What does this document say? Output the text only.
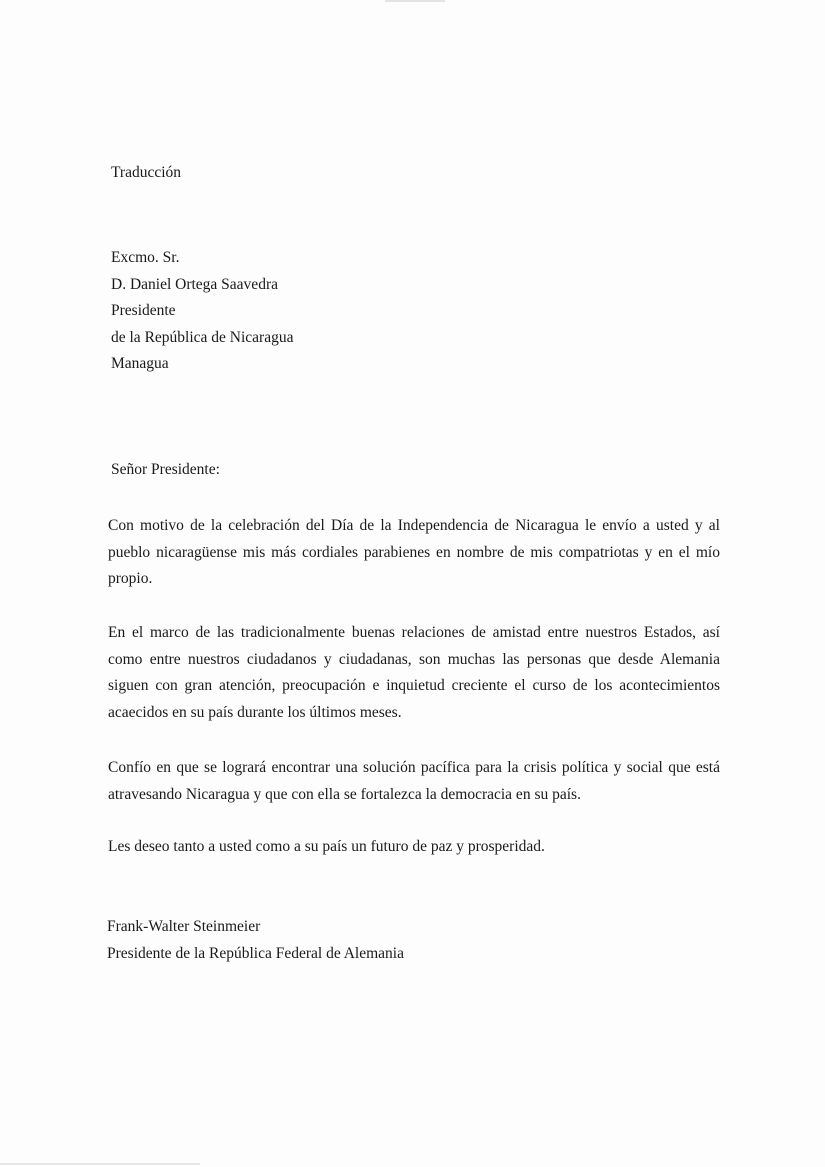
Traducción
Excmo. Sr.
D. Daniel Ortega Saavedra
Presidente
de la República de Nicaragua
Managua
Señor Presidente:
Con motivo de la celebración del Día de la Independencia de Nicaragua le envío a usted y al pueblo nicaragüense mis más cordiales parabienes en nombre de mis compatriotas y en el mío propio.
En el marco de las tradicionalmente buenas relaciones de amistad entre nuestros Estados, así como entre nuestros ciudadanos y ciudadanas, son muchas las personas que desde Alemania siguen con gran atención, preocupación e inquietud creciente el curso de los acontecimientos acaecidos en su país durante los últimos meses.
Confío en que se logrará encontrar una solución pacífica para la crisis política y social que está atravesando Nicaragua y que con ella se fortalezca la democracia en su país.
Les deseo tanto a usted como a su país un futuro de paz y prosperidad.
Frank-Walter Steinmeier
Presidente de la República Federal de Alemania
